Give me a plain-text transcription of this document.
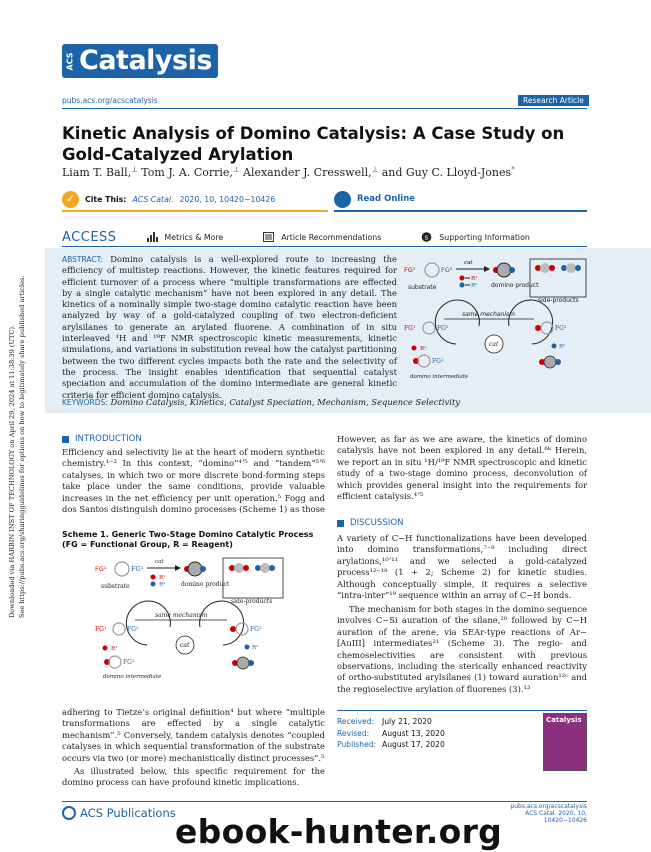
Downloaded via HARBIN INST OF TECHNOLOGY on April 29, 2024 at 11:38:39 (UTC). See https://pubs.acs.org/sharingguidelines for options on how to legitimately share published articles.
ACS Catalysis
pubs.acs.org/acscatalysis	Research Article
Kinetic Analysis of Domino Catalysis: A Case Study on Gold-Catalyzed Arylation
Liam T. Ball,⊥ Tom J. A. Corrie,⊥ Alexander J. Cresswell,⊥ and Guy C. Lloyd-Jones*
✓	Cite This: ACS Catal. 2020, 10, 10420−10426	Read Online
ACCESS	Metrics & More	Article Recommendations	s Supporting Information
ABSTRACT: Domino catalysis is a well-explored route to increasing the efficiency of multistep reactions. However, the kinetic features required for efficient turnover of a process where “multiple transformations are effected by a single catalytic mechanism” have not been explored in any detail. The kinetics of a nominally simple two-stage domino catalytic reaction have been analyzed by way of a gold-catalyzed coupling of two electron-deficient arylsilanes to generate an arylated fluorene. A combination of in situ interleaved ¹H and ¹⁹F NMR spectroscopic kinetic measurements, kinetic simulations, and variations in substitution reveal how the catalyst partitioning between the two different cycles impacts both the rate and the selectivity of the process. The insight enables identification that sequential catalyst speciation and accumulation of the domino intermediate are general kinetic criteria for efficient domino catalysis.
FG¹	FG²
substrate
cat
R¹
R² domino product
side-products
same mechanism
FG¹	FG²
cat
R¹
FG²
domino intermediate
FG²
R²
KEYWORDS: Domino Catalysis, Kinetics, Catalyst Speciation, Mechanism, Sequence Selectivity
INTRODUCTION
Efficiency and selectivity lie at the heart of modern synthetic chemistry.¹⁻³ In this context, “domino”⁴ʼ⁵ and “tandem”⁵ʼ⁶ catalyses, in which two or more discrete bond-forming steps take place under the same conditions, provide valuable increases in the net efficiency per unit operation.⁵ Fogg and dos Santos distinguish domino processes (Scheme 1) as those
Scheme 1. Generic Two-Stage Domino Catalytic Process (FG = Functional Group, R = Reagent)
FG¹	FG²
substrate
cat
R¹
R²	domino product
side-products
same mechanism
FG¹	FG²
cat
R¹
FG²
domino intermediate
FG²
R²
adhering to Tietze’s original definition⁴ but where “multiple transformations are effected by a single catalytic mechanism”.⁵ Conversely, tandem catalysis denotes “coupled catalyses in which sequential transformation of the substrate occurs via two (or more) mechanistically distinct processes”.⁵
As illustrated below, this specific requirement for the domino process can have profound kinetic implications.
However, as far as we are aware, the kinetics of domino catalysis have not been explored in any detail.⁶ᵏ Herein, we report an in situ ¹H/¹⁹F NMR spectroscopic and kinetic study of a two-stage domino process, deconvolution of which provides general insight into the requirements for efficient catalysis.⁴ʼ⁵
DISCUSSION
A variety of C−H functionalizations have been developed into domino transformations,⁷⁻⁹ including direct arylations,¹⁰ʼ¹¹ and we selected a gold-catalyzed process¹²⁻¹⁸ (1 + 2; Scheme 2) for kinetic studies. Although conceptually simple, it requires a selective “intra-inter”¹⁹ sequence within an array of C−H bonds.
The mechanism for both stages in the domino sequence involves C−Si auration of the silane,²⁰ followed by C−H auration of the arene, via SEAr-type reactions of Ar−[AuIII] intermediates²¹ (Scheme 3). The regio- and chemoselectivities are consistent with previous observations, including the sterically enhanced reactivity of ortho-substituted arylsilanes (1) toward auration¹²ᶜ and the regioselective arylation of fluorenes (3).¹³
Received: July 21, 2020
Revised: August 13, 2020
Published: August 17, 2020
Catalysis
ACS Publications	pubs.acs.org/acscatalysis
ACS Catal. 2020, 10, 10420−10426
ebook-hunter.org
